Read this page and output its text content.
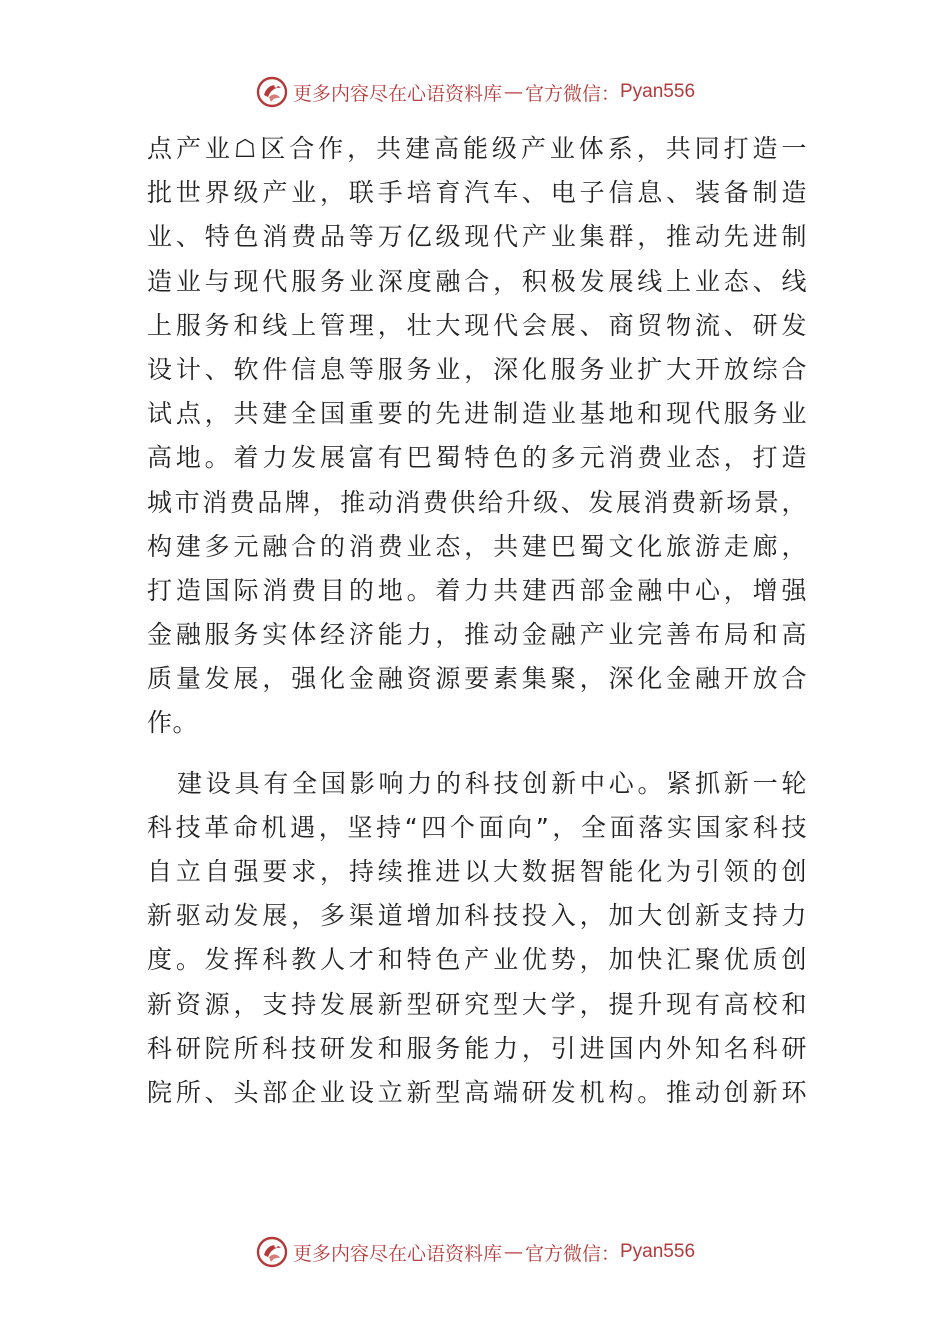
更多内容尽在心语资料库 — 官方微信： Pyan556
点产业☖区合作，共建高能级产业体系，共同打造一
批世界级产业，联手培育汽车、电子信息、装备制造
业、特色消费品等万亿级现代产业集群，推动先进制
造业与现代服务业深度融合，积极发展线上业态、线
上服务和线上管理，壮大现代会展、商贸物流、研发
设计、软件信息等服务业，深化服务业扩大开放综合
试点，共建全国重要的先进制造业基地和现代服务业
高地。着力发展富有巴蜀特色的多元消费业态，打造
城市消费品牌，推动消费供给升级、发展消费新场景，
构建多元融合的消费业态，共建巴蜀文化旅游走廊，
打造国际消费目的地。着力共建西部金融中心，增强
金融服务实体经济能力，推动金融产业完善布局和高
质量发展，强化金融资源要素集聚，深化金融开放合
作。
建设具有全国影响力的科技创新中心。紧抓新一轮
科技革命机遇，坚持“四个面向”，全面落实国家科技
自立自强要求，持续推进以大数据智能化为引领的创
新驱动发展，多渠道增加科技投入，加大创新支持力
度。发挥科教人才和特色产业优势，加快汇聚优质创
新资源，支持发展新型研究型大学，提升现有高校和
科研院所科技研发和服务能力，引进国内外知名科研
院所、头部企业设立新型高端研发机构。推动创新环
更多内容尽在心语资料库 — 官方微信： Pyan556
